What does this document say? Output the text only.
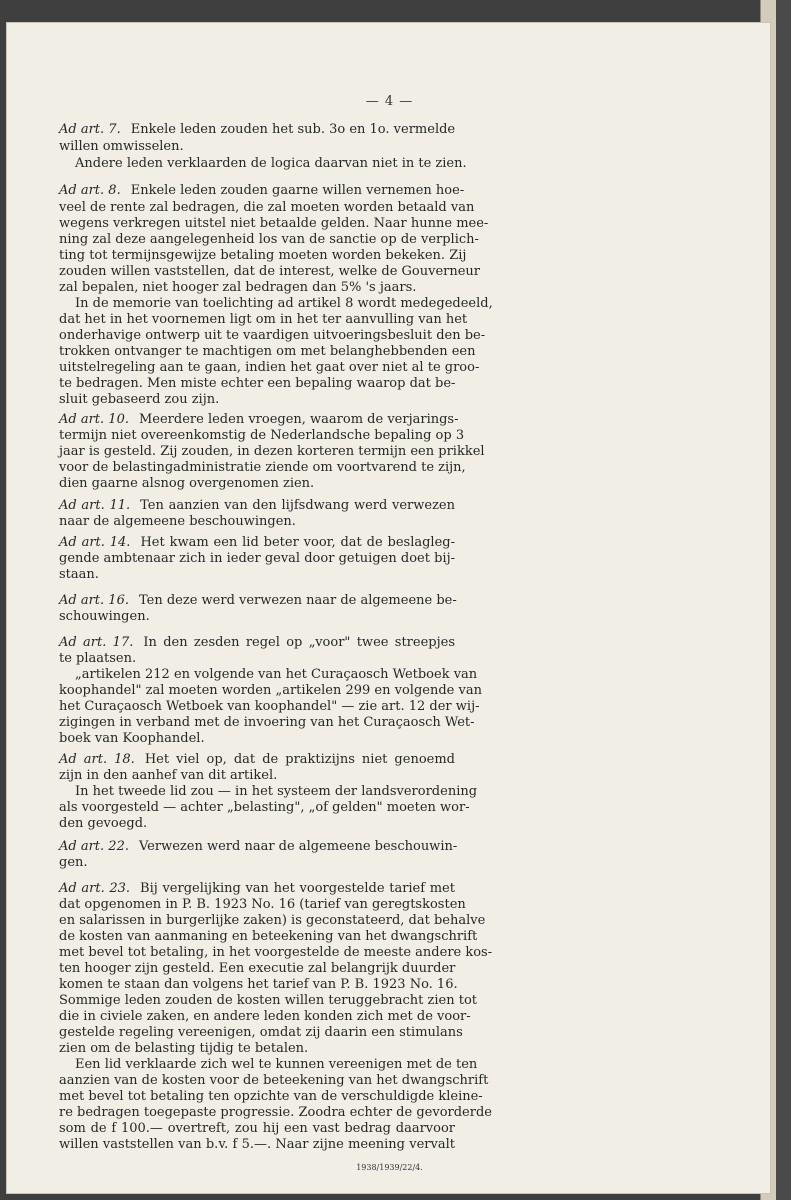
— 4 —
Ad art. 7. Enkele leden zouden het sub. 3o en 1o. vermelde
willen omwisselen.
Andere leden verklaarden de logica daarvan niet in te zien.
Ad art. 8. Enkele leden zouden gaarne willen vernemen hoe-
veel de rente zal bedragen, die zal moeten worden betaald van
wegens verkregen uitstel niet betaalde gelden. Naar hunne mee-
ning zal deze aangelegenheid los van de sanctie op de verplich-
ting tot termijnsgewijze betaling moeten worden bekeken. Zij
zouden willen vaststellen, dat de interest, welke de Gouverneur
zal bepalen, niet hooger zal bedragen dan 5% 's jaars.
In de memorie van toelichting ad artikel 8 wordt medegedeeld,
dat het in het voornemen ligt om in het ter aanvulling van het
onderhavige ontwerp uit te vaardigen uitvoeringsbesluit den be-
trokken ontvanger te machtigen om met belanghebbenden een
uitstelregeling aan te gaan, indien het gaat over niet al te groo-
te bedragen. Men miste echter een bepaling waarop dat be-
sluit gebaseerd zou zijn.
Ad art. 10. Meerdere leden vroegen, waarom de verjarings-
termijn niet overeenkomstig de Nederlandsche bepaling op 3
jaar is gesteld. Zij zouden, in dezen korteren termijn een prikkel
voor de belastingadministratie ziende om voortvarend te zijn,
dien gaarne alsnog overgenomen zien.
Ad art. 11. Ten aanzien van den lijfsdwang werd verwezen
naar de algemeene beschouwingen.
Ad art. 14. Het kwam een lid beter voor, dat de beslagleg-
gende ambtenaar zich in ieder geval door getuigen doet bij-
staan.
Ad art. 16. Ten deze werd verwezen naar de algemeene be-
schouwingen.
Ad art. 17. In den zesden regel op „voor" twee streepjes
te plaatsen.
„artikelen 212 en volgende van het Curaçaosch Wetboek van
koophandel" zal moeten worden „artikelen 299 en volgende van
het Curaçaosch Wetboek van koophandel" — zie art. 12 der wij-
zigingen in verband met de invoering van het Curaçaosch Wet-
boek van Koophandel.
Ad art. 18. Het viel op, dat de praktizijns niet genoemd
zijn in den aanhef van dit artikel.
In het tweede lid zou — in het systeem der landsverordening
als voorgesteld — achter „belasting", „of gelden" moeten wor-
den gevoegd.
Ad art. 22. Verwezen werd naar de algemeene beschouwin-
gen.
Ad art. 23. Bij vergelijking van het voorgestelde tarief met
dat opgenomen in P. B. 1923 No. 16 (tarief van geregtskosten
en salarissen in burgerlijke zaken) is geconstateerd, dat behalve
de kosten van aanmaning en beteekening van het dwangschrift
met bevel tot betaling, in het voorgestelde de meeste andere kos-
ten hooger zijn gesteld. Een executie zal belangrijk duurder
komen te staan dan volgens het tarief van P. B. 1923 No. 16.
Sommige leden zouden de kosten willen teruggebracht zien tot
die in civiele zaken, en andere leden konden zich met de voor-
gestelde regeling vereenigen, omdat zij daarin een stimulans
zien om de belasting tijdig te betalen.
Een lid verklaarde zich wel te kunnen vereenigen met de ten
aanzien van de kosten voor de beteekening van het dwangschrift
met bevel tot betaling ten opzichte van de verschuldigde kleine-
re bedragen toegepaste progressie. Zoodra echter de gevorderde
som de f 100.— overtreft, zou hij een vast bedrag daarvoor
willen vaststellen van b.v. f 5.—. Naar zijne meening vervalt
1938/1939/22/4.
